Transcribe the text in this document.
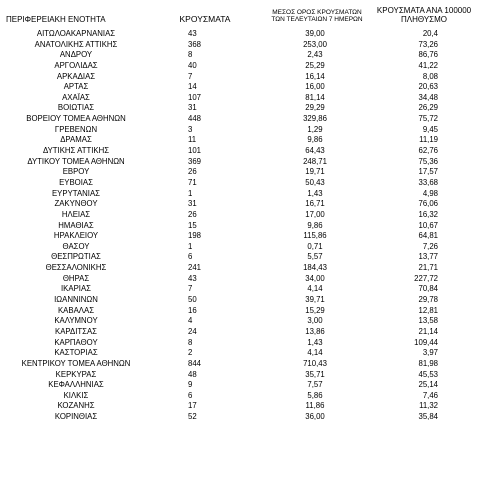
ΠΕΡΙΦΕΡΕΙΑΚΗ ΕΝΟΤΗΤΑ	ΚΡΟΥΣΜΑΤΑ
ΜΕΣΟΣ ΟΡΟΣ ΚΡΟΥΣΜΑΤΩΝ
ΤΩΝ ΤΕΛΕΥΤΑΙΩΝ 7 ΗΜΕΡΩΝ
ΚΡΟΥΣΜΑΤΑ ΑΝΑ 100000
ΠΛΗΘΥΣΜΟ
ΑΙΤΩΛΟΑΚΑΡΝΑΝΙΑΣ	43	39,00	20,4
ΑΝΑΤΟΛΙΚΗΣ ΑΤΤΙΚΗΣ	368	253,00	73,26
ΑΝΔΡΟΥ	8	2,43	86,76
ΑΡΓΟΛΙΔΑΣ	40	25,29	41,22
ΑΡΚΑΔΙΑΣ	7	16,14	8,08
ΑΡΤΑΣ	14	16,00	20,63
ΑΧΑΪΑΣ	107	81,14	34,48
ΒΟΙΩΤΙΑΣ	31	29,29	26,29
ΒΟΡΕΙΟΥ ΤΟΜΕΑ ΑΘΗΝΩΝ	448	329,86	75,72
ΓΡΕΒΕΝΩΝ	3	1,29	9,45
ΔΡΑΜΑΣ	11	9,86	11,19
ΔΥΤΙΚΗΣ ΑΤΤΙΚΗΣ	101	64,43	62,76
ΔΥΤΙΚΟΥ ΤΟΜΕΑ ΑΘΗΝΩΝ	369	248,71	75,36
ΕΒΡΟΥ	26	19,71	17,57
ΕΥΒΟΙΑΣ	71	50,43	33,68
ΕΥΡΥΤΑΝΙΑΣ	1	1,43	4,98
ΖΑΚΥΝΘΟΥ	31	16,71	76,06
ΗΛΕΙΑΣ	26	17,00	16,32
ΗΜΑΘΙΑΣ	15	9,86	10,67
ΗΡΑΚΛΕΙΟΥ	198	115,86	64,81
ΘΑΣΟΥ	1	0,71	7,26
ΘΕΣΠΡΩΤΙΑΣ	6	5,57	13,77
ΘΕΣΣΑΛΟΝΙΚΗΣ	241	184,43	21,71
ΘΗΡΑΣ	43	34,00	227,72
ΙΚΑΡΙΑΣ	7	4,14	70,84
ΙΩΑΝΝΙΝΩΝ	50	39,71	29,78
ΚΑΒΑΛΑΣ	16	15,29	12,81
ΚΑΛΥΜΝΟΥ	4	3,00	13,58
ΚΑΡΔΙΤΣΑΣ	24	13,86	21,14
ΚΑΡΠΑΘΟΥ	8	1,43	109,44
ΚΑΣΤΟΡΙΑΣ	2	4,14	3,97
ΚΕΝΤΡΙΚΟΥ ΤΟΜΕΑ ΑΘΗΝΩΝ	844	710,43	81,98
ΚΕΡΚΥΡΑΣ	48	35,71	45,53
ΚΕΦΑΛΛΗΝΙΑΣ	9	7,57	25,14
ΚΙΛΚΙΣ	6	5,86	7,46
ΚΟΖΑΝΗΣ	17	11,86	11,32
ΚΟΡΙΝΘΙΑΣ	52	36,00	35,84
